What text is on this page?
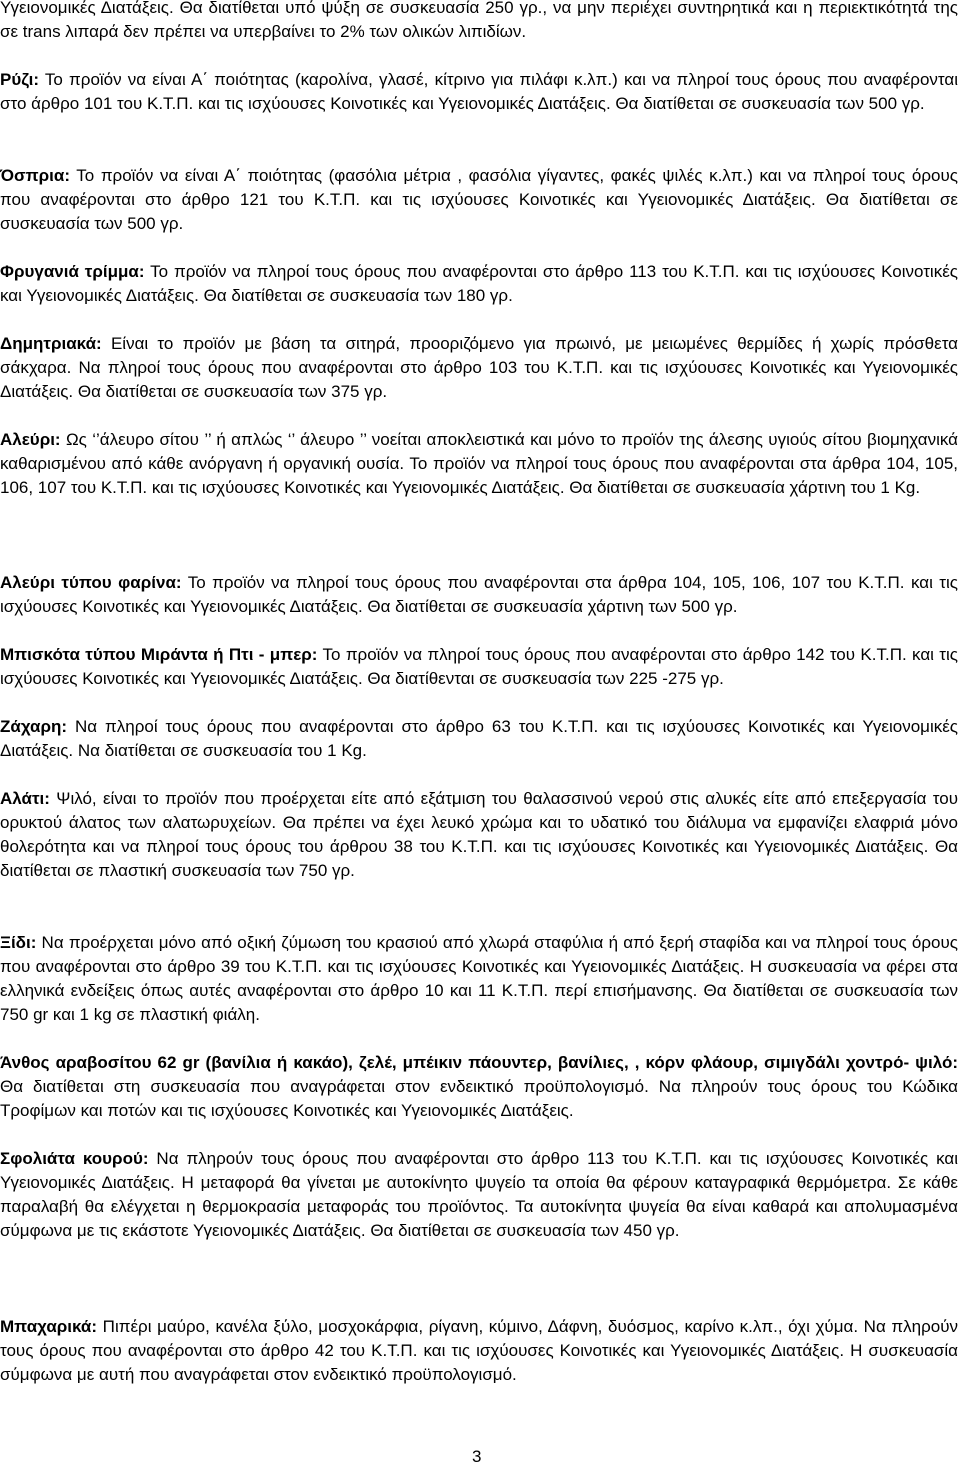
Υγειονομικές Διατάξεις. Θα διατίθεται υπό ψύξη σε συσκευασία 250 γρ., να μην περιέχει συντηρητικά και η περιεκτικότητά της σε trans λιπαρά δεν πρέπει να υπερβαίνει το 2% των ολικών λιπιδίων.

Ρύζι: Το προϊόν να είναι Α΄ ποιότητας (καρολίνα, γλασέ, κίτρινο για πιλάφι κ.λπ.) και να πληροί τους όρους που αναφέρονται στο άρθρο 101 του Κ.Τ.Π. και τις ισχύουσες Κοινοτικές και Υγειονομικές Διατάξεις. Θα διατίθεται σε συσκευασία των 500 γρ.

Όσπρια: Το προϊόν να είναι Α΄ ποιότητας (φασόλια μέτρια , φασόλια γίγαντες, φακές ψιλές κ.λπ.) και να πληροί τους όρους που αναφέρονται στο άρθρο 121 του Κ.Τ.Π. και τις ισχύουσες Κοινοτικές και Υγειονομικές Διατάξεις. Θα διατίθεται σε συσκευασία των 500 γρ.

Φρυγανιά τρίμμα: Το προϊόν να πληροί τους όρους που αναφέρονται στο άρθρο 113 του Κ.Τ.Π. και τις ισχύουσες Κοινοτικές και Υγειονομικές Διατάξεις. Θα διατίθεται σε συσκευασία των 180 γρ.

Δημητριακά: Είναι το προϊόν με βάση τα σιτηρά, προοριζόμενο για πρωινό, με μειωμένες θερμίδες ή χωρίς πρόσθετα σάκχαρα. Να πληροί τους όρους που αναφέρονται στο άρθρο 103 του Κ.Τ.Π. και τις ισχύουσες Κοινοτικές και Υγειονομικές Διατάξεις. Θα διατίθεται σε συσκευασία των 375 γρ.

Αλεύρι: Ως ‘’άλευρο σίτου ’’ ή απλώς ‘’ άλευρο ’’ νοείται αποκλειστικά και μόνο το προϊόν της άλεσης υγιούς σίτου βιομηχανικά καθαρισμένου από κάθε ανόργανη ή οργανική ουσία. Το προϊόν να πληροί τους όρους που αναφέρονται στα άρθρα 104, 105, 106, 107 του Κ.Τ.Π. και τις ισχύουσες Κοινοτικές και Υγειονομικές Διατάξεις. Θα διατίθεται σε συσκευασία χάρτινη του 1 Kg.

Αλεύρι τύπου φαρίνα: Το προϊόν να πληροί τους όρους που αναφέρονται στα άρθρα 104, 105, 106, 107 του Κ.Τ.Π. και τις ισχύουσες Κοινοτικές και Υγειονομικές Διατάξεις. Θα διατίθεται σε συσκευασία χάρτινη των 500 γρ.

Μπισκότα τύπου Μιράντα ή Πτι - μπερ: Το προϊόν να πληροί τους όρους που αναφέρονται στο άρθρο 142 του Κ.Τ.Π. και τις ισχύουσες Κοινοτικές και Υγειονομικές Διατάξεις. Θα διατίθενται σε συσκευασία των 225 -275 γρ.

Ζάχαρη: Να πληροί τους όρους που αναφέρονται στο άρθρο 63 του Κ.Τ.Π. και τις ισχύουσες Κοινοτικές και Υγειονομικές Διατάξεις. Να διατίθεται σε συσκευασία του 1 Kg.

Αλάτι: Ψιλό, είναι το προϊόν που προέρχεται είτε από εξάτμιση του θαλασσινού νερού στις αλυκές είτε από επεξεργασία του ορυκτού άλατος των αλατωρυχείων. Θα πρέπει να έχει λευκό χρώμα και το υδατικό του διάλυμα να εμφανίζει ελαφριά μόνο θολερότητα και να πληροί τους όρους του άρθρου 38 του Κ.Τ.Π. και τις ισχύουσες Κοινοτικές και Υγειονομικές Διατάξεις. Θα διατίθεται σε πλαστική συσκευασία των 750 γρ.

Ξίδι: Να προέρχεται μόνο από οξική ζύμωση του κρασιού από χλωρά σταφύλια ή από ξερή σταφίδα και να πληροί τους όρους που αναφέρονται στο άρθρο 39 του Κ.Τ.Π. και τις ισχύουσες Κοινοτικές και Υγειονομικές Διατάξεις. Η συσκευασία να φέρει στα ελληνικά ενδείξεις όπως αυτές αναφέρονται στο άρθρο 10 και 11 Κ.Τ.Π. περί επισήμανσης. Θα διατίθεται σε συσκευασία των 750 gr και 1 kg σε πλαστική φιάλη.

Άνθος αραβοσίτου 62 gr (βανίλια ή κακάο), ζελέ, μπέικιν πάουντερ, βανίλιες, , κόρν φλάουρ, σιμιγδάλι χοντρό- ψιλό: Θα διατίθεται στη συσκευασία που αναγράφεται στον ενδεικτικό προϋπολογισμό. Να πληρούν τους όρους του Κώδικα Τροφίμων και ποτών και τις ισχύουσες Κοινοτικές και Υγειονομικές Διατάξεις.

Σφολιάτα κουρού: Να πληρούν τους όρους που αναφέρονται στο άρθρο 113 του Κ.Τ.Π. και τις ισχύουσες Κοινοτικές και Υγειονομικές Διατάξεις. Η μεταφορά θα γίνεται με αυτοκίνητο ψυγείο τα οποία θα φέρουν καταγραφικά θερμόμετρα. Σε κάθε παραλαβή θα ελέγχεται η θερμοκρασία μεταφοράς του προϊόντος. Τα αυτοκίνητα ψυγεία θα είναι καθαρά και απολυμασμένα σύμφωνα με τις εκάστοτε Υγειονομικές Διατάξεις. Θα διατίθεται σε συσκευασία των 450 γρ.

Μπαχαρικά: Πιπέρι μαύρο, κανέλα ξύλο, μοσχοκάρφια, ρίγανη, κύμινο, Δάφνη, δυόσμος, καρίνο κ.λπ., όχι χύμα. Να πληρούν τους όρους που αναφέρονται στο άρθρο 42 του Κ.Τ.Π. και τις ισχύουσες Κοινοτικές και Υγειονομικές Διατάξεις. Η συσκευασία σύμφωνα με αυτή που αναγράφεται στον ενδεικτικό προϋπολογισμό.

3
